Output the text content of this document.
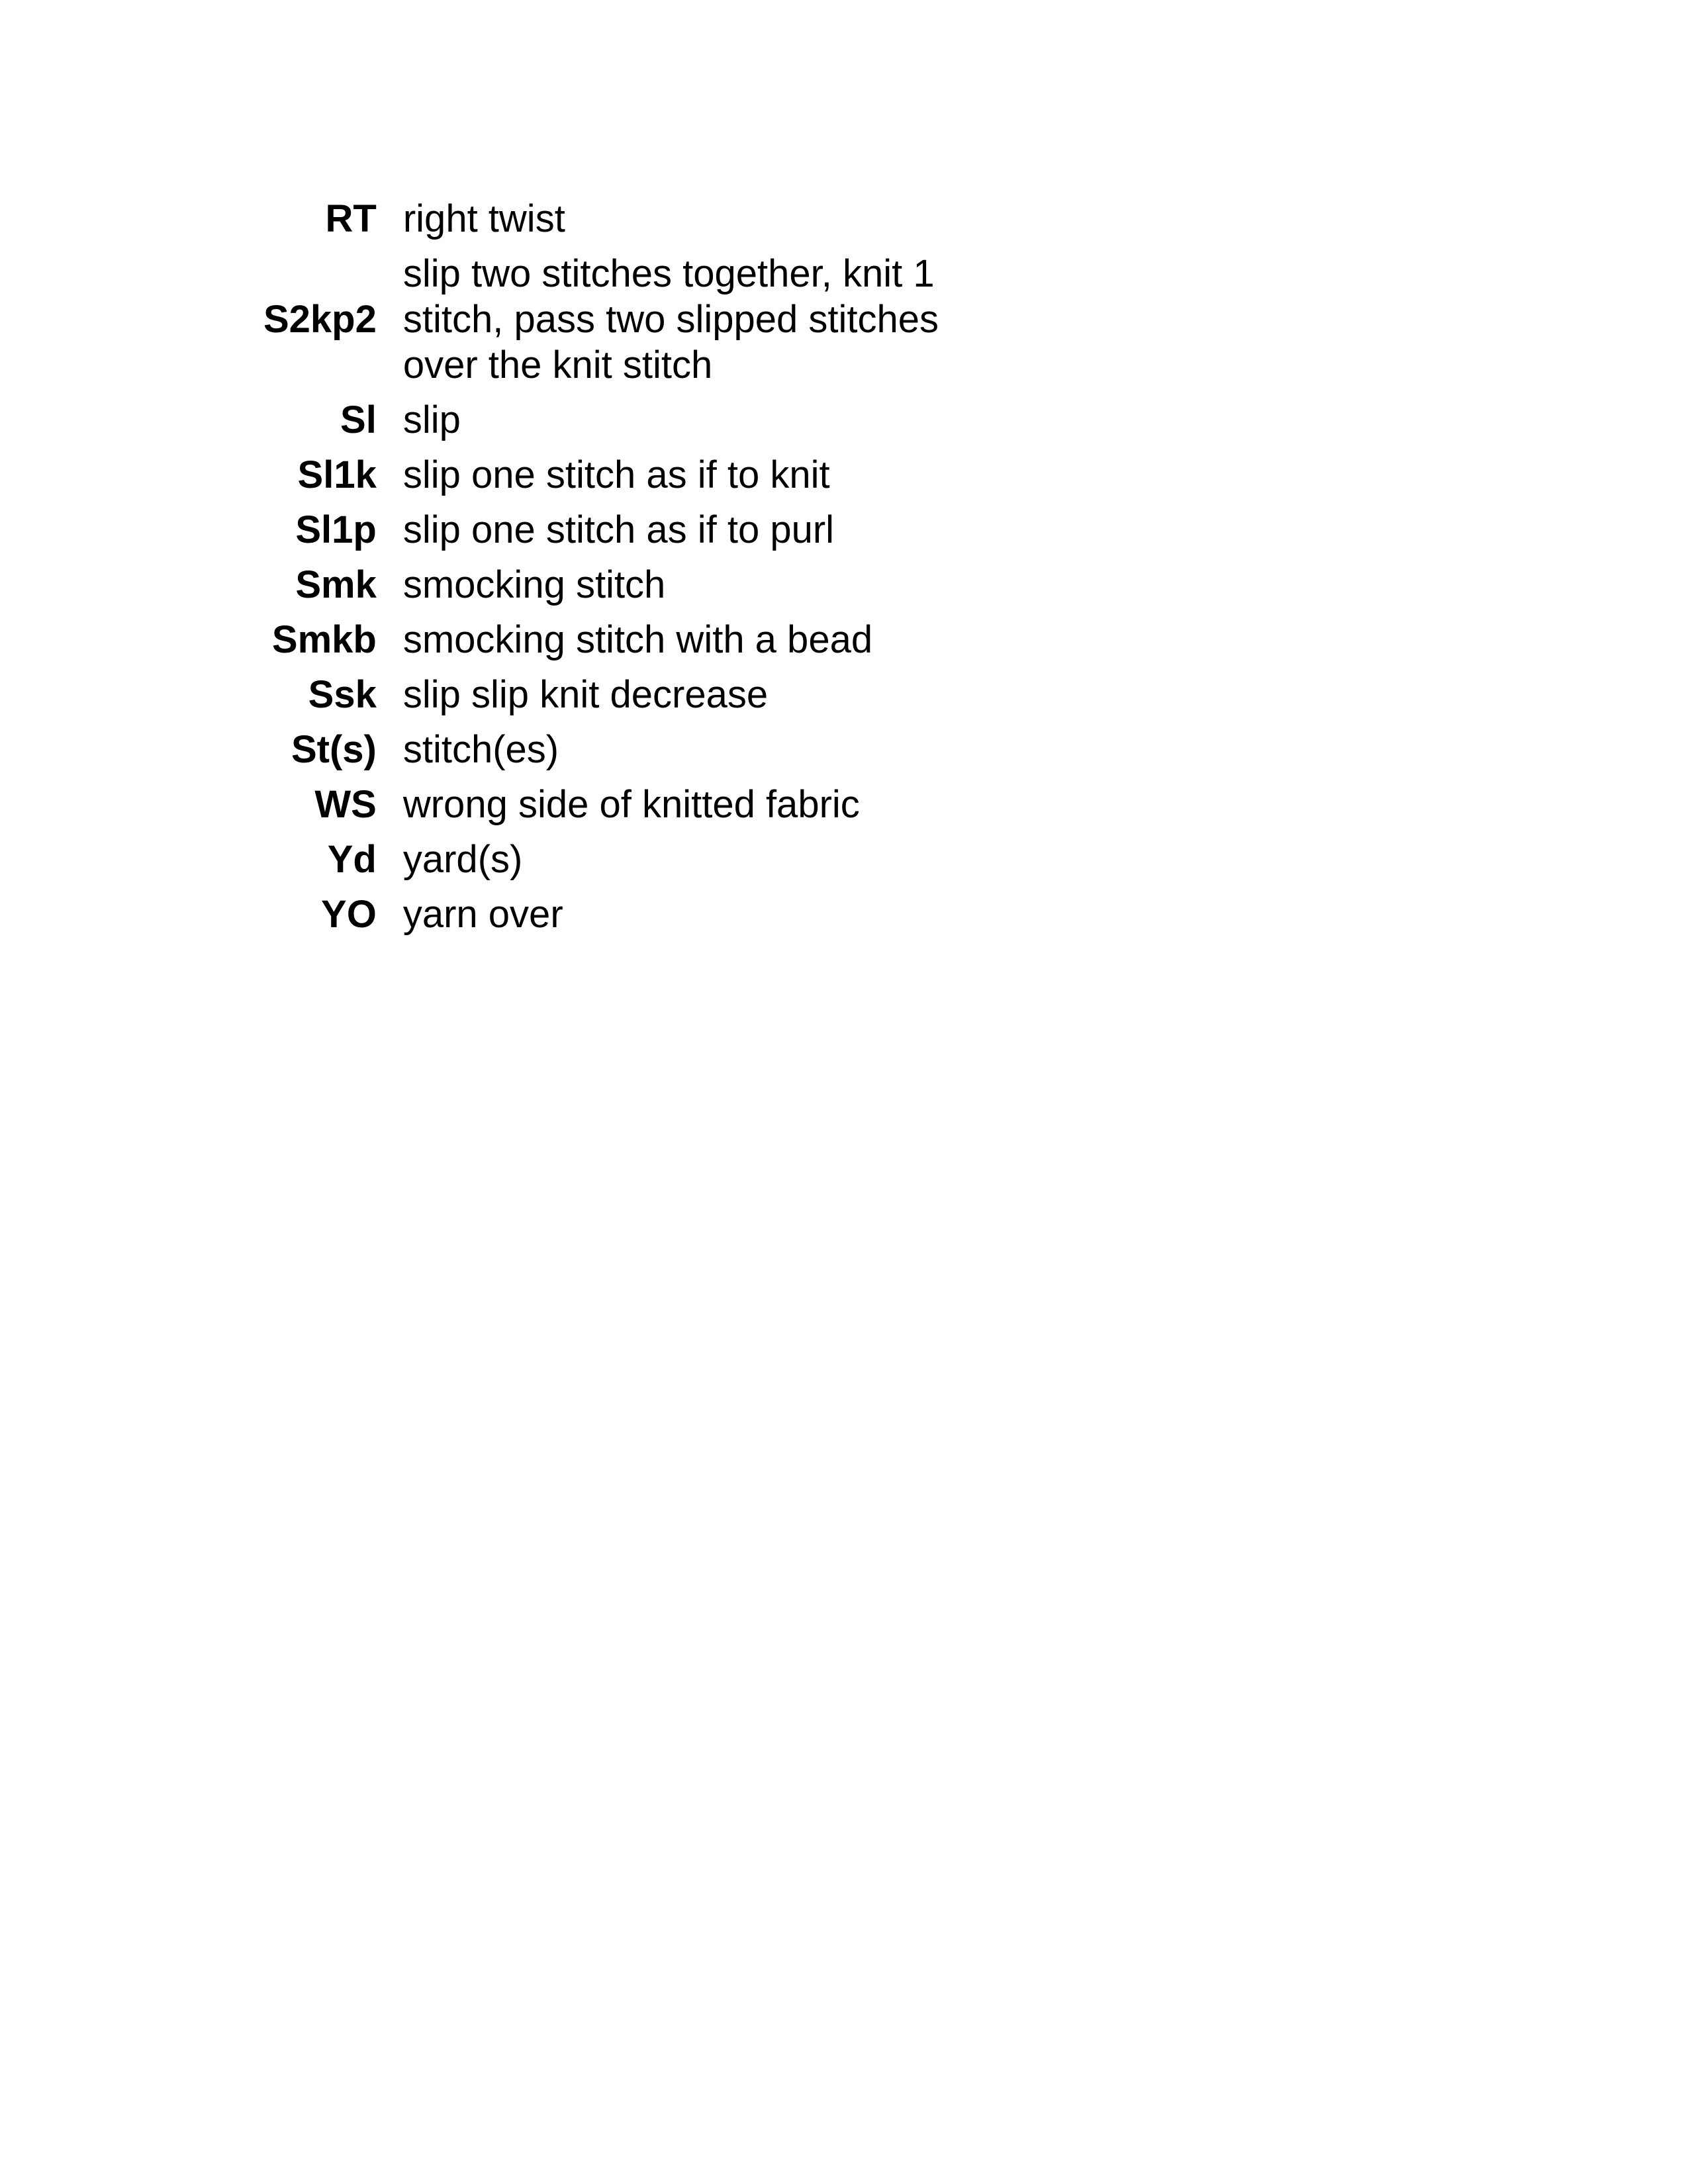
RT	right twist
S2kp2	slip two stitches together, knit 1 stitch, pass two slipped stitches over the knit stitch
Sl	slip
Sl1k	slip one stitch as if to knit
Sl1p	slip one stitch as if to purl
Smk	smocking stitch
Smkb	smocking stitch with a bead
Ssk	slip slip knit decrease
St(s)	stitch(es)
WS	wrong side of knitted fabric
Yd	yard(s)
YO	yarn over
